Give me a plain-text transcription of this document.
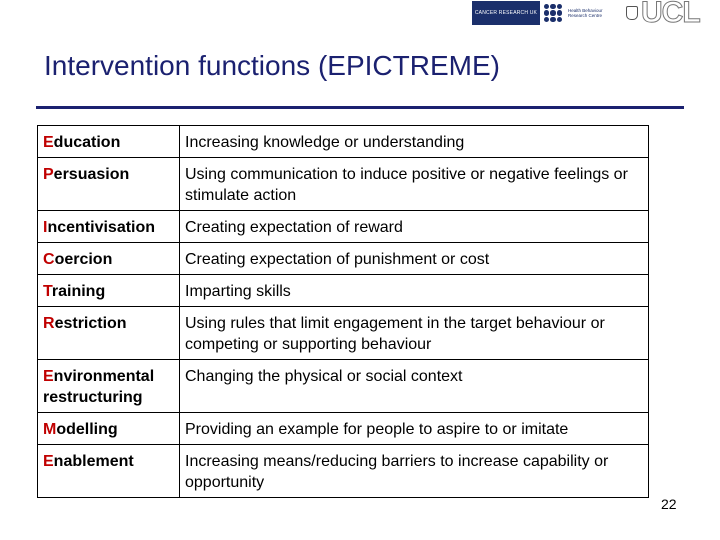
CANCER RESEARCH UK	Health Behaviour Research Centre	UCL
Intervention functions (EPICTREME)
Education	Increasing knowledge or understanding
Persuasion	Using communication to induce positive or negative feelings or stimulate action
Incentivisation	Creating expectation of reward
Coercion	Creating expectation of punishment or cost
Training	Imparting skills
Restriction	Using rules that limit engagement in the target behaviour or competing or supporting behaviour
Environmental restructuring	Changing the physical or social context
Modelling	Providing an example for people to aspire to or imitate
Enablement	Increasing means/reducing barriers to increase capability or opportunity
22
